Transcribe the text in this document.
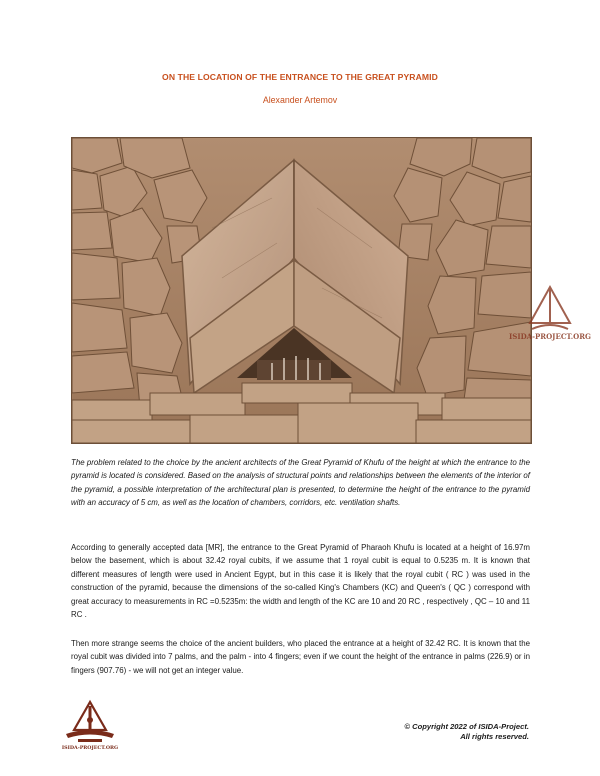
ON THE LOCATION OF THE ENTRANCE TO THE GREAT PYRAMID
Alexander Artemov
ISIDA-PROJECT.ORG

The problem related to the choice by the ancient architects of the Great Pyramid of Khufu of the height at which the entrance to the pyramid is located is considered. Based on the analysis of structural points and relationships between the elements of the interior of the pyramid, a possible interpretation of the architectural plan is presented, to determine the height of the entrance to the pyramid with an accuracy of 5 cm, as well as the location of chambers, corridors, etc. ventilation shafts.

According to generally accepted data [MR], the entrance to the Great Pyramid of Pharaoh Khufu is located at a height of 16.97m below the basement, which is about 32.42 royal cubits, if we assume that 1 royal cubit is equal to 0.5235 m. It is known that different measures of length were used in Ancient Egypt, but in this case it is likely that the royal cubit ( RC ) was used in the construction of the pyramid, because the dimensions of the so-called King's Chambers (KC) and Queen's ( QC ) correspond with great accuracy to measurements in RC =0.5235m: the width and length of the KC are 10 and 20 RC , respectively , QC – 10 and 11 RC .

Then more strange seems the choice of the ancient builders, who placed the entrance at a height of 32.42 RC. It is known that the royal cubit was divided into 7 palms, and the palm - into 4 fingers; even if we count the height of the entrance in palms (226.9) or in fingers (907.76) - we will not get an integer value.

ISIDA-PROJECT.ORG
© Copyright 2022 of ISIDA-Project.
All rights reserved.
